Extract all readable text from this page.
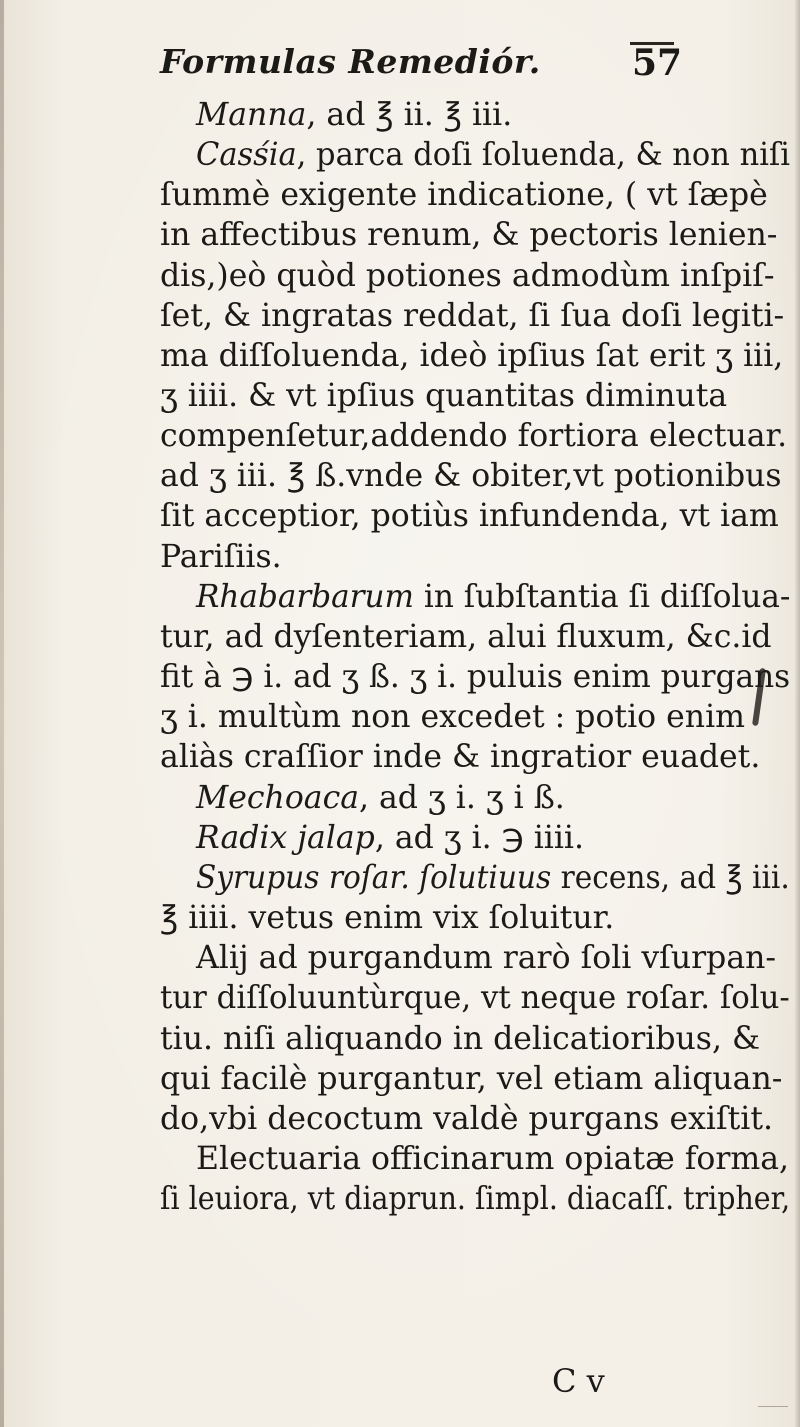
Formulas Remediór.	57
Manna, ad ℥ ii. ℥ iii.
Casśia, parca doſi ſoluenda, & non niſi
ſummè exigente indicatione, ( vt ſæpè
in affectibus renum, & pectoris lenien-
dis,)eò quòd potiones admodùm inſpiſ-
ſet, & ingratas reddat, ſi ſua doſi legiti-
ma diſſoluenda, ideò ipſius ſat erit ʒ iii,
ʒ iiii. & vt ipſius quantitas diminuta
compenſetur,addendo fortiora electuar.
ad ʒ iii. ℥ ß.vnde & obiter,vt potionibus
ſit acceptior, potiùs infundenda, vt iam
Pariſiis.
Rhabarbarum in ſubſtantia ſi diſſolua-
tur, ad dyſenteriam, alui fluxum, &c.id
fit à ℈ i. ad ʒ ß. ʒ i. puluis enim purgans
ʒ i. multùm non excedet : potio enim
aliàs craſſior inde & ingratior euadet.
Mechoaca, ad ʒ i. ʒ i ß.
Radix jalap, ad ʒ i. ℈ iiii.
Syrupus roſar. ſolutiuus recens, ad ℥ iii.
℥ iiii. vetus enim vix ſoluitur.
Alij ad purgandum rarò ſoli vſurpan-
tur diſſoluuntùrque, vt neque roſar. ſolu-
tiu. niſi aliquando in delicatioribus, &
qui facilè purgantur, vel etiam aliquan-
do,vbi decoctum valdè purgans exiſtit.
Electuaria officinarum opiatæ forma,
ſi leuiora, vt diaprun. ſimpl. diacaſſ. tripher,
C v
